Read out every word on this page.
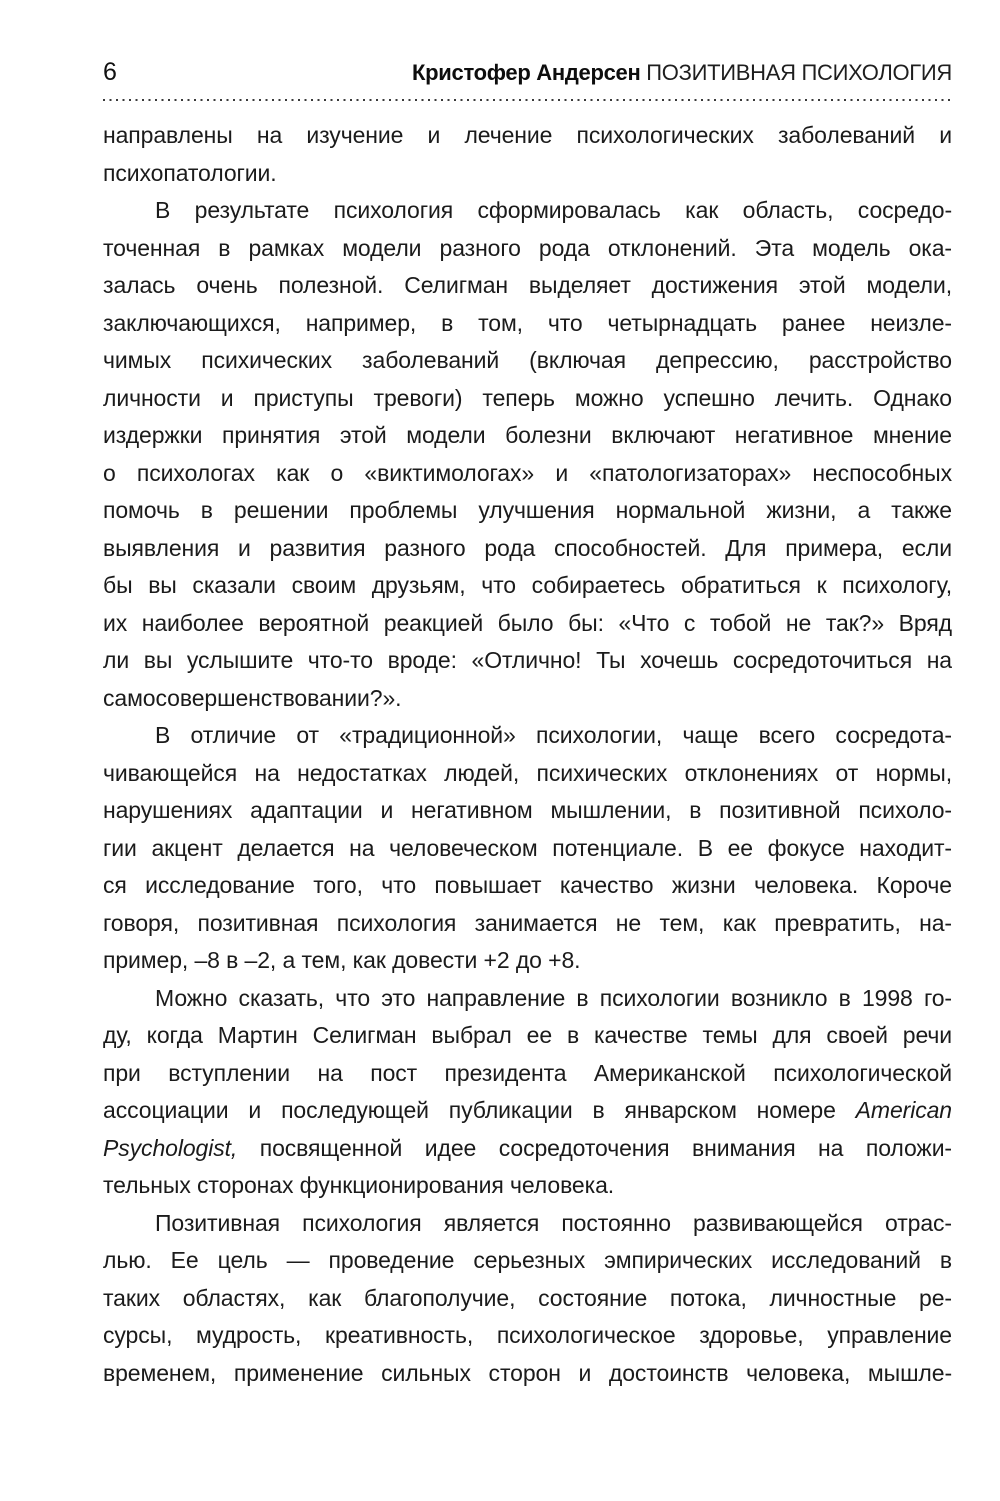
6	Кристофер Андерсен ПОЗИТИВНАЯ ПСИХОЛОГИЯ
направлены на изучение и лечение психологических заболеваний и
психопатологии.
В результате психология сформировалась как область, сосредо-
точенная в рамках модели разного рода отклонений. Эта модель ока-
залась очень полезной. Селигман выделяет достижения этой модели,
заключающихся, например, в том, что четырнадцать ранее неизле-
чимых психических заболеваний (включая депрессию, расстройство
личности и приступы тревоги) теперь можно успешно лечить. Однако
издержки принятия этой модели болезни включают негативное мнение
о психологах как о «виктимологах» и «патологизаторах» неспособных
помочь в решении проблемы улучшения нормальной жизни, а также
выявления и развития разного рода способностей. Для примера, если
бы вы сказали своим друзьям, что собираетесь обратиться к психологу,
их наиболее вероятной реакцией было бы: «Что с тобой не так?» Вряд
ли вы услышите что-то вроде: «Отлично! Ты хочешь сосредоточиться на
самосовершенствовании?».
В отличие от «традиционной» психологии, чаще всего сосредота-
чивающейся на недостатках людей, психических отклонениях от нормы,
нарушениях адаптации и негативном мышлении, в позитивной психоло-
гии акцент делается на человеческом потенциале. В ее фокусе находит-
ся исследование того, что повышает качество жизни человека. Короче
говоря, позитивная психология занимается не тем, как превратить, на-
пример, –8 в –2, а тем, как довести +2 до +8.
Можно сказать, что это направление в психологии возникло в 1998 го-
ду, когда Мартин Селигман выбрал ее в качестве темы для своей речи
при вступлении на пост президента Американской психологической
ассоциации и последующей публикации в январском номере American
Psychologist, посвященной идее сосредоточения внимания на положи-
тельных сторонах функционирования человека.
Позитивная психология является постоянно развивающейся отрас-
лью. Ее цель — проведение серьезных эмпирических исследований в
таких областях, как благополучие, состояние потока, личностные ре-
сурсы, мудрость, креативность, психологическое здоровье, управление
временем, применение сильных сторон и достоинств человека, мышле-
